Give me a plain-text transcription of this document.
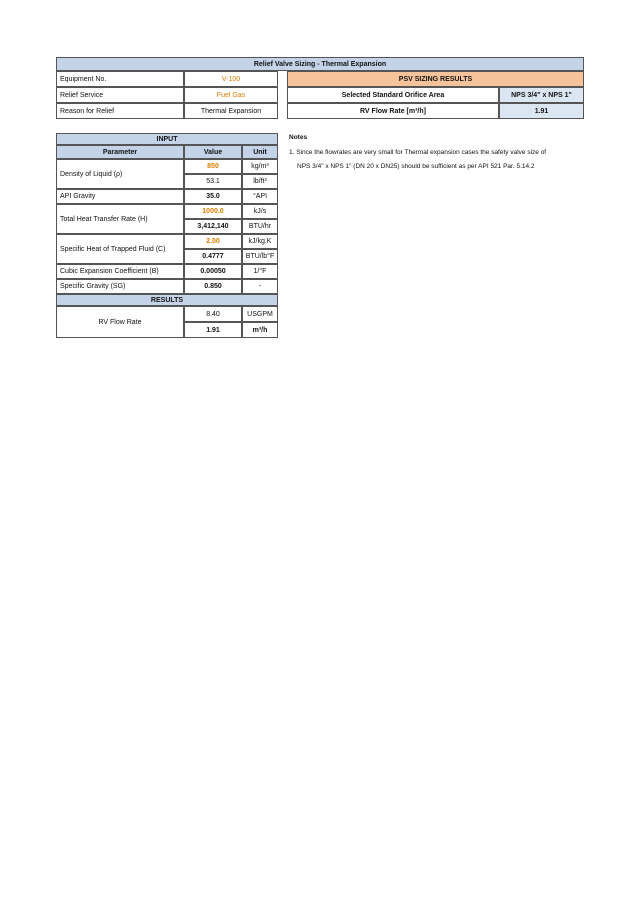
Relief Valve Sizing - Thermal Expansion
Equipment No.	V-100
Relief Service	Fuel Gas
Reason for Relief	Thermal Expansion
PSV SIZING RESULTS
Selected Standard Orifice Area	NPS 3/4" x NPS 1"
RV Flow Rate [m³/h]	1.91
INPUT
Parameter	Value	Unit
Density of Liquid (ρ)
850	kg/m³
53.1	lb/ft³
API Gravity	35.0	°API
Total Heat Transfer Rate (H)
1000.0	kJ/s
3,412,140	BTU/hr
Specific Heat of Trapped Fluid (C)
2.00	kJ/kg.K
0.4777	BTU/lb°F
Cubic Expansion Coefficient (B)	0.00050	1/°F
Specific Gravity (SG)	0.850	-
RESULTS
RV Flow Rate
8.40	USGPM
1.91	m³/h
Notes
1. Since the flowrates are very small for Thermal expansion cases the safety valve size of
NPS 3/4" x NPS 1" (DN 20 x DN25) should be sufficient as per API 521 Par. 5.14.2
